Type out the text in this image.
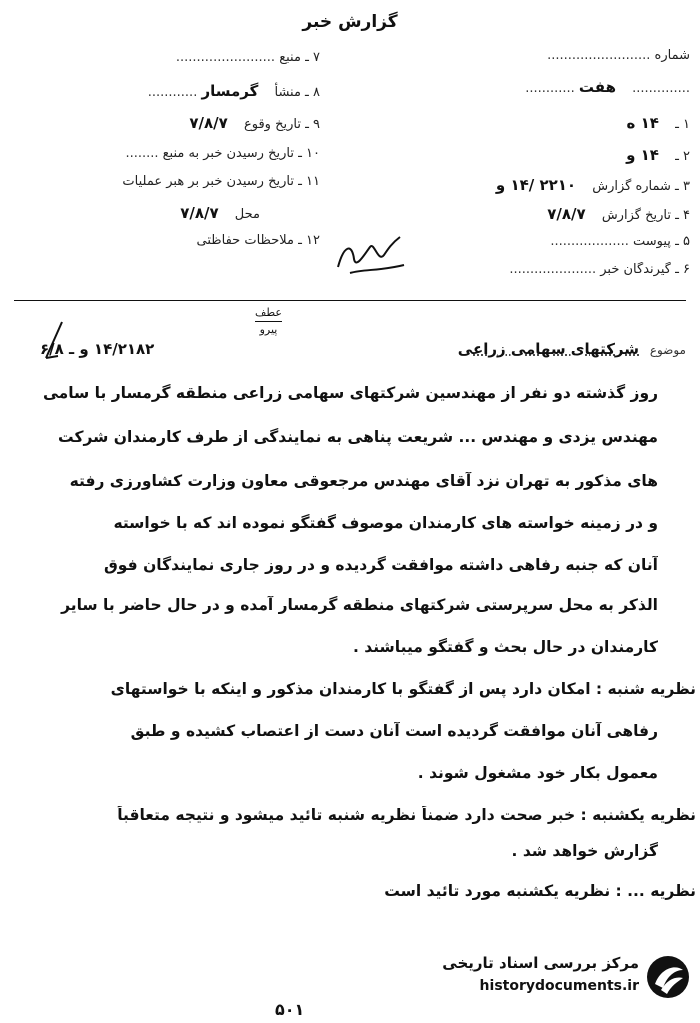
گزارش خبر
۷ ـ منبع ........................
۸ ـ منشأ گرمسار ............
۹ ـ تاریخ وقوع ۷/۸/۷
۱۰ ـ تاریخ رسیدن خبر به منبع ........
۱۱ ـ تاریخ رسیدن خبر بر هبر عملیات
محل ۷/۸/۷
۱۲ ـ ملاحظات حفاظتی
شماره .........................
.............. هفت ............
۱ ـ ۱۴ ه
۲ ـ ۱۴ و
۳ ـ شماره گزارش ۲۲۱۰ /۱۴ و
۴ ـ تاریخ گزارش ۷/۸/۷
۵ ـ پیوست ...................
۶ ـ گیرندگان خبر .....................
عطف
پیرو
موضوع شرکتهای سهامی زراعی
۱۴/۲۱۸۲ و ـ ۶/۸
روز گذشته دو نفر از مهندسین شرکتهای سهامی زراعی منطقه گرمسار با سامی
مهندس یزدی و مهندس ... شریعت پناهی به نمایندگی از طرف کارمندان شرکت
های مذکور به تهران نزد آقای مهندس مرجعوقی معاون وزارت کشاورزی رفته
و در زمینه خواسته های کارمندان موصوف گفتگو نموده اند که با خواسته
آنان که جنبه رفاهی داشته موافقت گردیده و در روز جاری نمایندگان فوق
الذکر به محل سرپرستی شرکتهای منطقه گرمسار آمده و در حال حاضر با سایر
کارمندان در حال بحث و گفتگو میباشند .
نظریه شنبه : امکان دارد پس از گفتگو با کارمندان مذکور و اینکه با خواستهای
رفاهی آنان موافقت گردیده است آنان دست از اعتصاب کشیده و طبق
معمول بکار خود مشغول شوند .
نظریه یکشنبه : خبر صحت دارد ضمناً نظریه شنبه تائید میشود و نتیجه متعاقباً
گزارش خواهد شد .
نظریه ... : نظریه یکشنبه مورد تائید است
مرکز بررسی اسناد تاریخی
historydocuments.ir
۵۰۱
